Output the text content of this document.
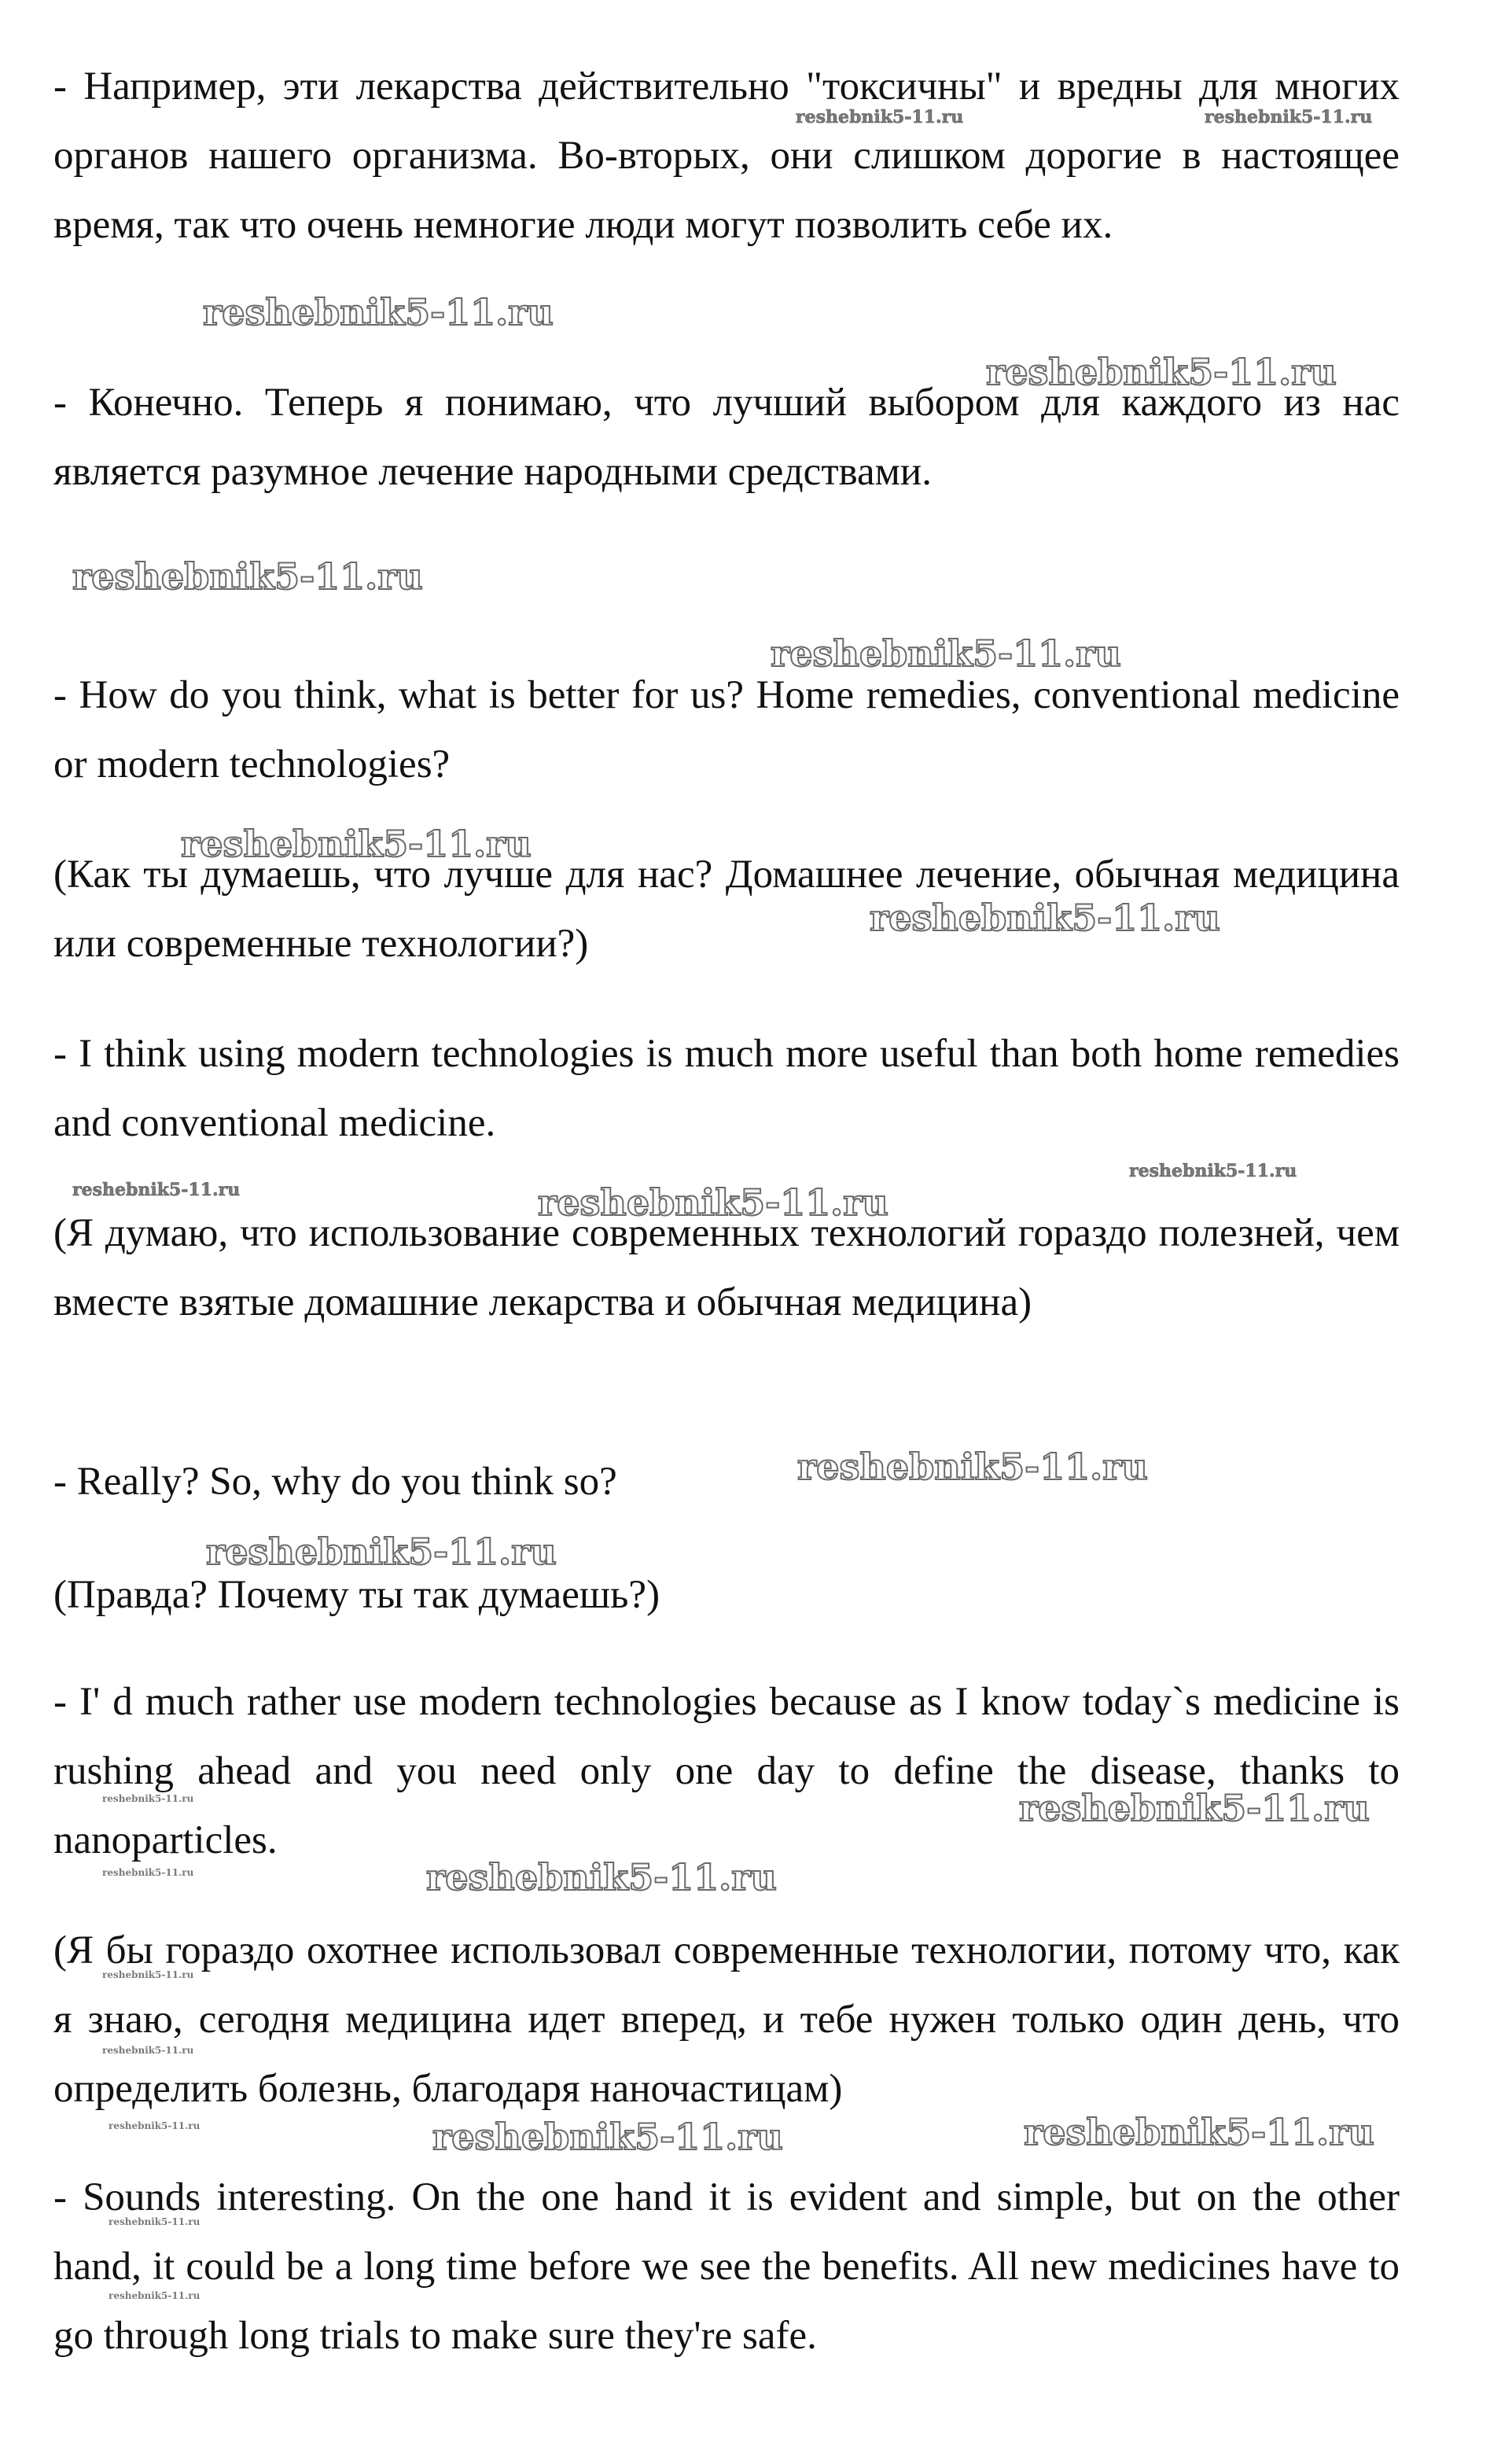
- Например, эти лекарства действительно "токсичны" и вредны для многих органов нашего организма. Во-вторых, они слишком дорогие в настоящее время, так что очень немногие люди могут позволить себе их.

- Конечно. Теперь я понимаю, что лучший выбором для каждого из нас является разумное лечение народными средствами.

- How do you think, what is better for us? Home remedies, conventional medicine or modern technologies?

(Как ты думаешь, что лучше для нас? Домашнее лечение, обычная медицина или современные технологии?)

- I think using modern technologies is much more useful than both home remedies and conventional medicine.

(Я думаю, что использование современных технологий гораздо полезней, чем вместе взятые домашние лекарства и обычная медицина)

- Really? So, why do you think so?

(Правда? Почему ты так думаешь?)

- I' d much rather use modern technologies because as I know today`s medicine is rushing ahead and you need only one day to define the disease, thanks to nanoparticles.

(Я бы гораздо охотнее использовал современные технологии, потому что, как я знаю, сегодня медицина идет вперед, и тебе нужен только один день, что определить болезнь, благодаря наночастицам)

- Sounds interesting. On the one hand it is evident and simple, but on the other hand, it could be a long time before we see the benefits. All new medicines have to go through long trials to make sure they're safe.

reshebnik5-11.ru	reshebnik5-11.ru
reshebnik5-11.ru
reshebnik5-11.ru
reshebnik5-11.ru
reshebnik5-11.ru
reshebnik5-11.ru
reshebnik5-11.ru
reshebnik5-11.ru	reshebnik5-11.ru
reshebnik5-11.ru
reshebnik5-11.ru
reshebnik5-11.ru
reshebnik5-11.ru	reshebnik5-11.ru
reshebnik5-11.ru	reshebnik5-11.ru
reshebnik5-11.ru
reshebnik5-11.ru
reshebnik5-11.ru	reshebnik5-11.ru	reshebnik5-11.ru
reshebnik5-11.ru
reshebnik5-11.ru
